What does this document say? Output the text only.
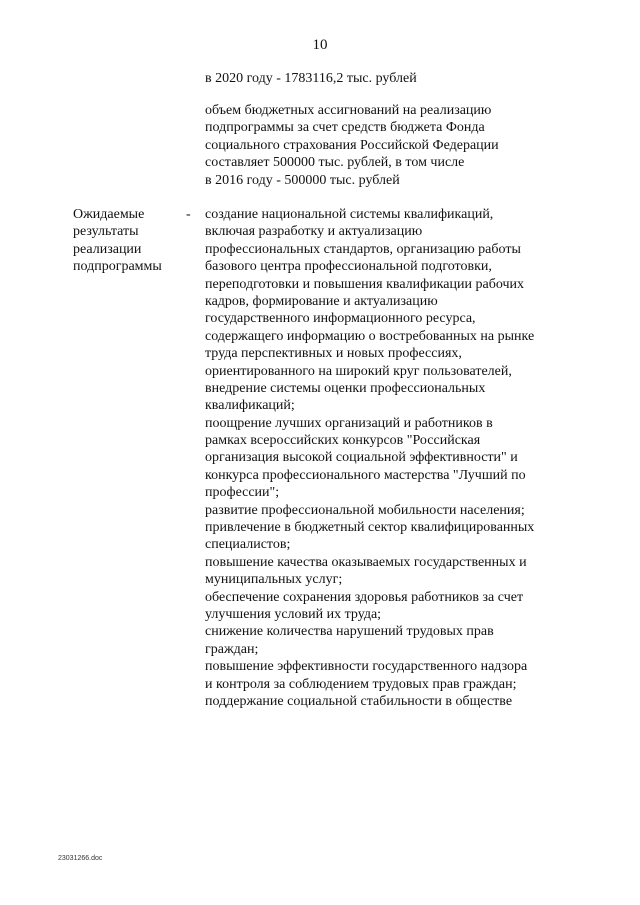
10
в 2020 году - 1783116,2 тыс. рублей
объем бюджетных ассигнований на реализацию
подпрограммы за счет средств бюджета Фонда
социального страхования Российской Федерации
составляет 500000 тыс. рублей, в том числе
в 2016 году - 500000 тыс. рублей
Ожидаемые
результаты
реализации
подпрограммы
- создание национальной системы квалификаций,
включая разработку и актуализацию
профессиональных стандартов, организацию работы
базового центра профессиональной подготовки,
переподготовки и повышения квалификации рабочих
кадров, формирование и актуализацию
государственного информационного ресурса,
содержащего информацию о востребованных на рынке
труда перспективных и новых профессиях,
ориентированного на широкий круг пользователей,
внедрение системы оценки профессиональных
квалификаций;
поощрение лучших организаций и работников в
рамках всероссийских конкурсов "Российская
организация высокой социальной эффективности" и
конкурса профессионального мастерства "Лучший по
профессии";
развитие профессиональной мобильности населения;
привлечение в бюджетный сектор квалифицированных
специалистов;
повышение качества оказываемых государственных и
муниципальных услуг;
обеспечение сохранения здоровья работников за счет
улучшения условий их труда;
снижение количества нарушений трудовых прав
граждан;
повышение эффективности государственного надзора
и контроля за соблюдением трудовых прав граждан;
поддержание социальной стабильности в обществе
23031266.doc
